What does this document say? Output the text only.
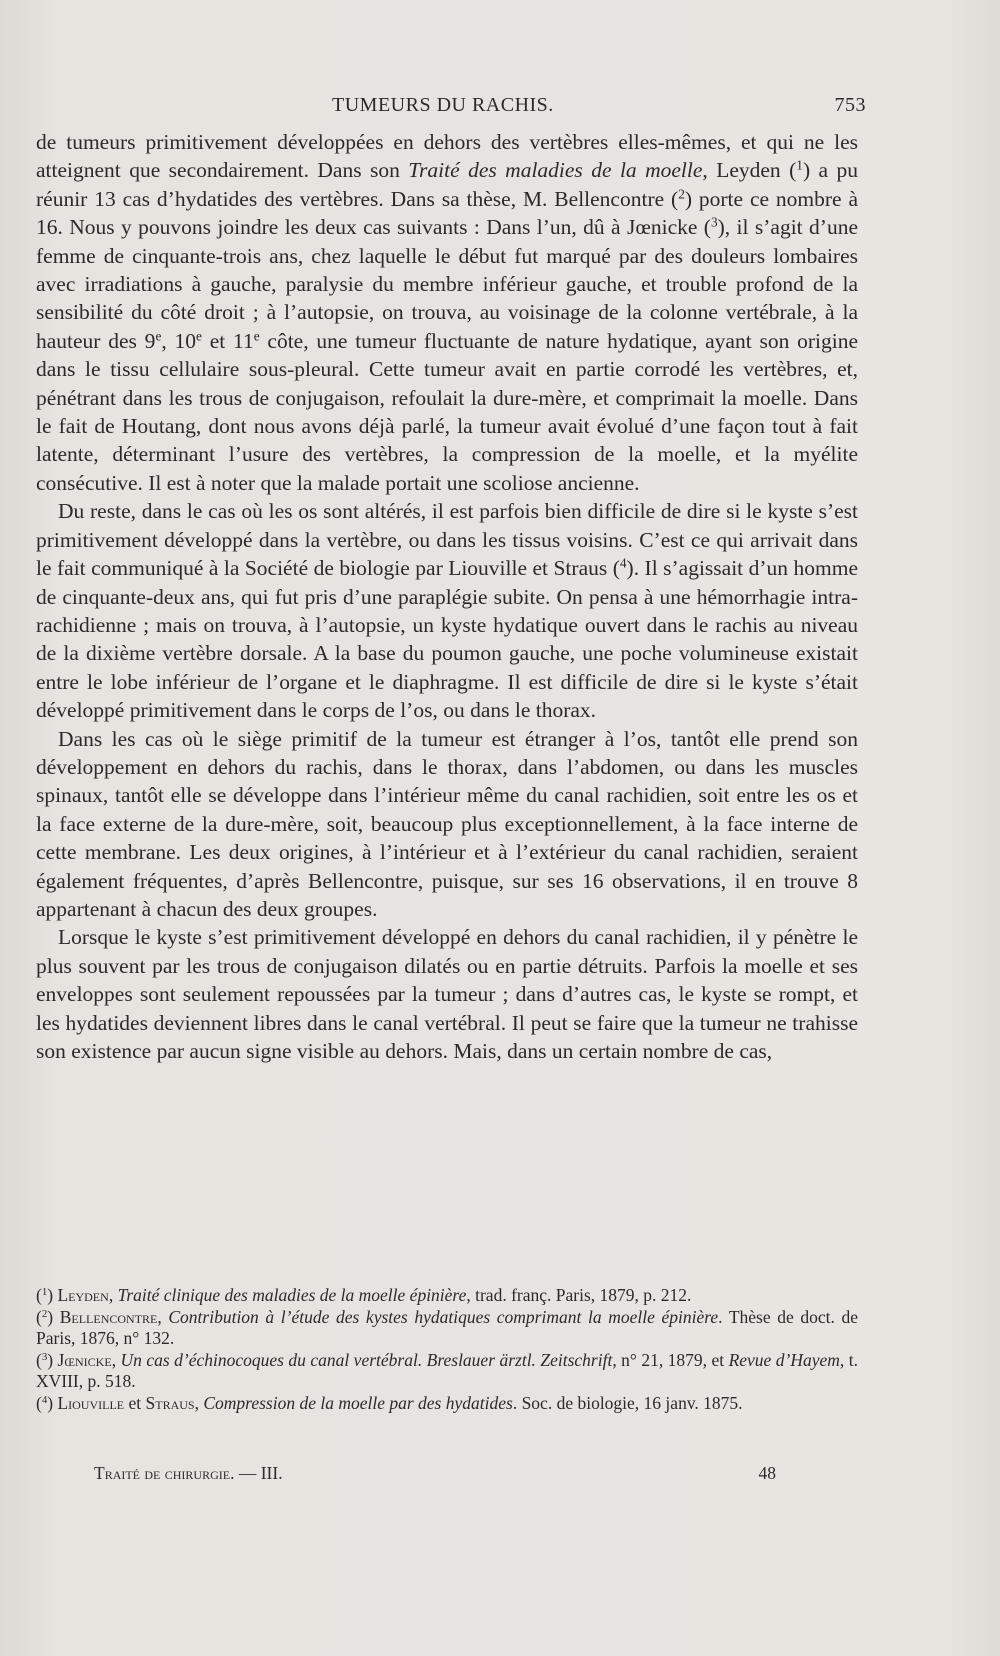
TUMEURS DU RACHIS.	753

de tumeurs primitivement développées en dehors des vertèbres elles-mêmes, et qui ne les atteignent que secondairement. Dans son Traité des maladies de la moelle, Leyden ($^1$) a pu réunir 13 cas d’hydatides des vertèbres. Dans sa thèse, M. Bellencontre ($^2$) porte ce nombre à 16. Nous y pouvons joindre les deux cas suivants : Dans l’un, dû à Jœnicke ($^3$), il s’agit d’une femme de cinquante-trois ans, chez laquelle le début fut marqué par des douleurs lombaires avec irradiations à gauche, paralysie du membre inférieur gauche, et trouble profond de la sensibilité du côté droit ; à l’autopsie, on trouva, au voisinage de la colonne vertébrale, à la hauteur des 9e, 10e et 11e côte, une tumeur fluctuante de nature hydatique, ayant son origine dans le tissu cellulaire sous-pleural. Cette tumeur avait en partie corrodé les vertèbres, et, pénétrant dans les trous de conjugaison, refoulait la dure-mère, et comprimait la moelle. Dans le fait de Houtang, dont nous avons déjà parlé, la tumeur avait évolué d’une façon tout à fait latente, déterminant l’usure des vertèbres, la compression de la moelle, et la myélite consécutive. Il est à noter que la malade portait une scoliose ancienne.

Du reste, dans le cas où les os sont altérés, il est parfois bien difficile de dire si le kyste s’est primitivement développé dans la vertèbre, ou dans les tissus voisins. C’est ce qui arrivait dans le fait communiqué à la Société de biologie par Liouville et Straus ($^4$). Il s’agissait d’un homme de cinquante-deux ans, qui fut pris d’une paraplégie subite. On pensa à une hémorrhagie intra-rachidienne ; mais on trouva, à l’autopsie, un kyste hydatique ouvert dans le rachis au niveau de la dixième vertèbre dorsale. A la base du poumon gauche, une poche volumineuse existait entre le lobe inférieur de l’organe et le diaphragme. Il est difficile de dire si le kyste s’était développé primitivement dans le corps de l’os, ou dans le thorax.

Dans les cas où le siège primitif de la tumeur est étranger à l’os, tantôt elle prend son développement en dehors du rachis, dans le thorax, dans l’abdomen, ou dans les muscles spinaux, tantôt elle se développe dans l’intérieur même du canal rachidien, soit entre les os et la face externe de la dure-mère, soit, beaucoup plus exceptionnellement, à la face interne de cette membrane. Les deux origines, à l’intérieur et à l’extérieur du canal rachidien, seraient également fréquentes, d’après Bellencontre, puisque, sur ses 16 observations, il en trouve 8 appartenant à chacun des deux groupes.

Lorsque le kyste s’est primitivement développé en dehors du canal rachidien, il y pénètre le plus souvent par les trous de conjugaison dilatés ou en partie détruits. Parfois la moelle et ses enveloppes sont seulement repoussées par la tumeur ; dans d’autres cas, le kyste se rompt, et les hydatides deviennent libres dans le canal vertébral. Il peut se faire que la tumeur ne trahisse son existence par aucun signe visible au dehors. Mais, dans un certain nombre de cas,

($^1$) Leyden, Traité clinique des maladies de la moelle épinière, trad. franç. Paris, 1879, p. 212.

($^2$) Bellencontre, Contribution à l’étude des kystes hydatiques comprimant la moelle épinière. Thèse de doct. de Paris, 1876, n° 132.

($^3$) Jœnicke, Un cas d’échinocoques du canal vertébral. Breslauer ärztl. Zeitschrift, n° 21, 1879, et Revue d’Hayem, t. XVIII, p. 518.

($^4$) Liouville et Straus, Compression de la moelle par des hydatides. Soc. de biologie, 16 janv. 1875.

Traité de chirurgie. — III.	48
